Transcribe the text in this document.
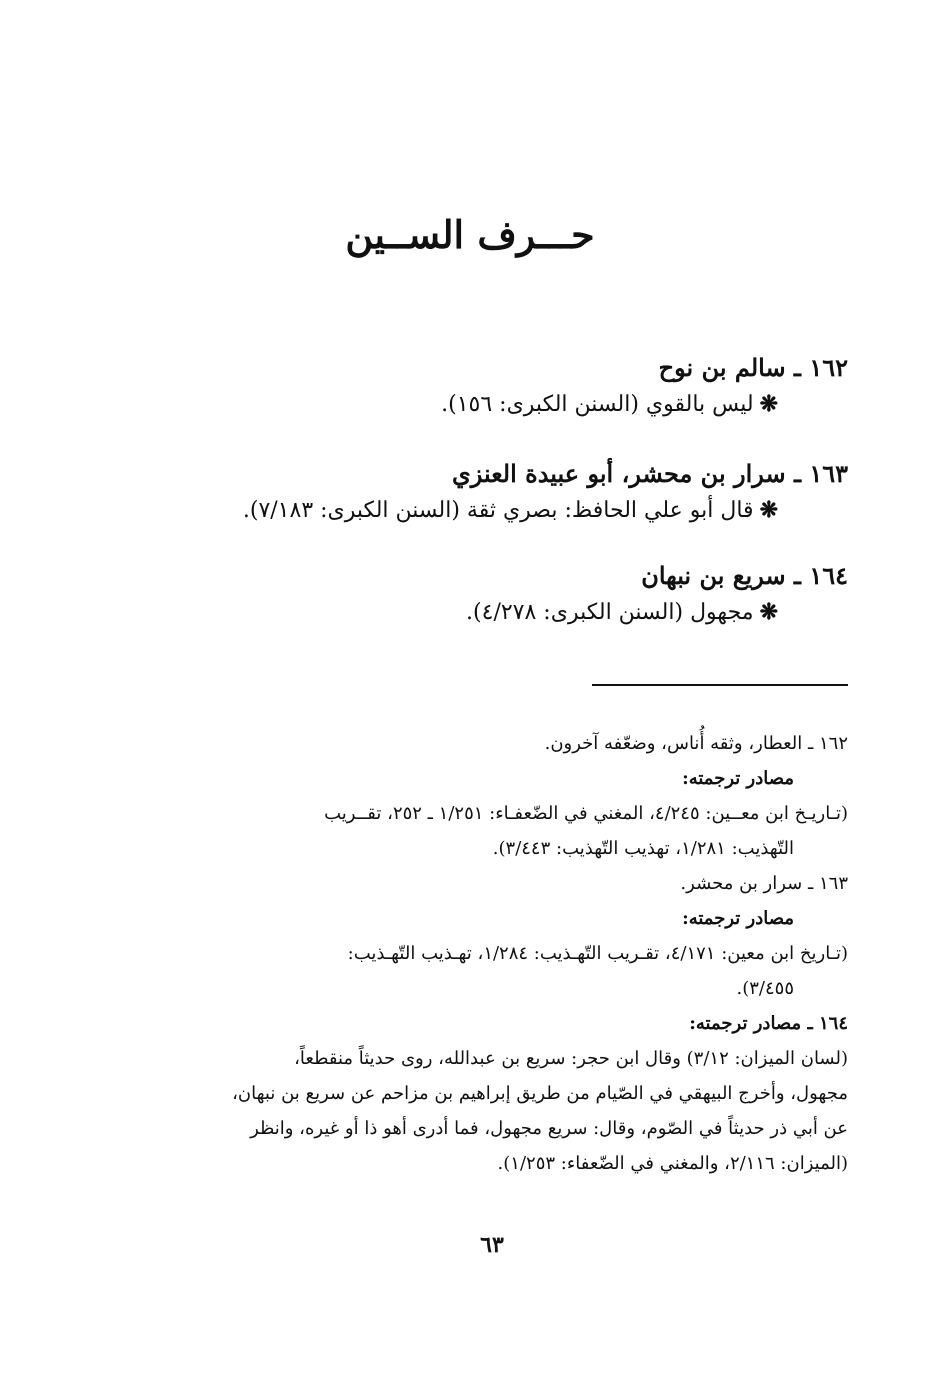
حـــرف الســين
١٦٢ ـ سالم بن نوح
❋ليس بالقوي (السنن الكبرى: ١٥٦).
١٦٣ ـ سرار بن محشر، أبو عبيدة العنزي
❋قال أبو علي الحافظ: بصري ثقة (السنن الكبرى: ٧/١٨٣).
١٦٤ ـ سريع بن نبهان
❋مجهول (السنن الكبرى: ٤/٢٧٨).
١٦٢ ـ العطار، وثقه أُناس، وضعّفه آخرون.
مصادر ترجمته:
(تـاريـخ ابن معــين: ٤/٢٤٥، المغني في الضّعفـاء: ١/٢٥١ ـ ٢٥٢، تقــريب
التّهذيب: ١/٢٨١، تهذيب التّهذيب: ٣/٤٤٣).
١٦٣ ـ سرار بن محشر.
مصادر ترجمته:
(تـاريخ ابن معين: ٤/١٧١، تقـريب التّهـذيب: ١/٢٨٤، تهـذيب التّهـذيب:
٣/٤٥٥).
١٦٤ ـ مصادر ترجمته:
(لسان الميزان: ٣/١٢) وقال ابن حجر: سريع بن عبدالله، روى حديثاً منقطعاً،
مجهول، وأخرج البيهقي في الصّيام من طريق إبراهيم بن مزاحم عن سريع بن نبهان،
عن أبي ذر حديثاً في الصّوم، وقال: سريع مجهول، فما أدرى أهو ذا أو غيره، وانظر
(الميزان: ٢/١١٦، والمغني في الضّعفاء: ١/٢٥٣).
٦٣
